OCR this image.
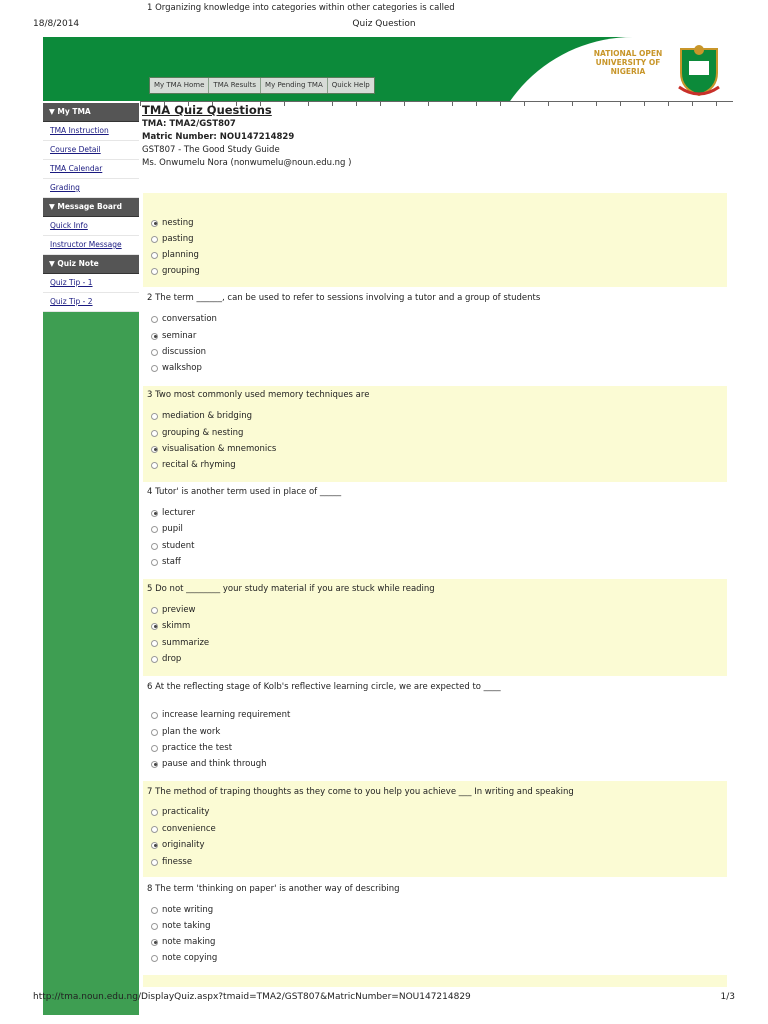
18/8/2014	Quiz Question
My TMA Home	TMA Results	My Pending TMA	Quick Help
NATIONAL OPEN
UNIVERSITY OF
NIGERIA
▼ My TMA
TMA Instruction
Course Detail
TMA Calendar
Grading
▼ Message Board
Quick Info
Instructor Message
▼ Quiz Note
Quiz Tip - 1
Quiz Tip - 2
TMA Quiz Questions
TMA: TMA2/GST807
Matric Number: NOU147214829
GST807 - The Good Study Guide
Ms. Onwumelu Nora (nonwumelu@noun.edu.ng )
1 Organizing knowledge into categories within other categories is called
nesting
pasting
planning
grouping
2 The term ______, can be used to refer to sessions involving a tutor and a group of students
conversation
seminar
discussion
walkshop
3 Two most commonly used memory techniques are
mediation & bridging
grouping & nesting
visualisation & mnemonics
recital & rhyming
4 Tutor' is another term used in place of _____
lecturer
pupil
student
staff
5 Do not ________ your study material if you are stuck while reading
preview
skimm
summarize
drop
6 At the reflecting stage of Kolb's reflective learning circle, we are expected to ____
increase learning requirement
plan the work
practice the test
pause and think through
7 The method of traping thoughts as they come to you help you achieve ___ In writing and speaking
practicality
convenience
originality
finesse
8 The term 'thinking on paper' is another way of describing
note writing
note taking
note making
note copying
http://tma.noun.edu.ng/DisplayQuiz.aspx?tmaid=TMA2/GST807&MatricNumber=NOU147214829	1/3
